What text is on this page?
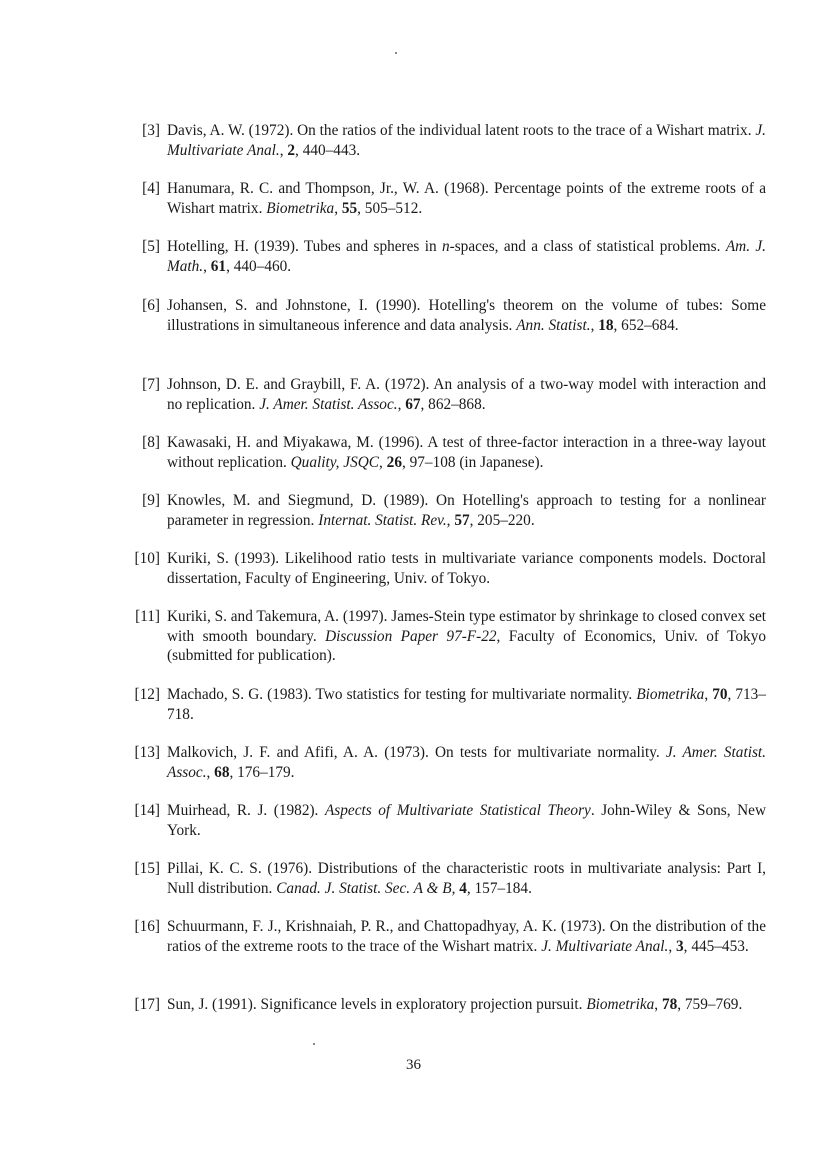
[3] Davis, A. W. (1972). On the ratios of the individual latent roots to the trace of a Wishart matrix. J. Multivariate Anal., 2, 440–443.
[4] Hanumara, R. C. and Thompson, Jr., W. A. (1968). Percentage points of the extreme roots of a Wishart matrix. Biometrika, 55, 505–512.
[5] Hotelling, H. (1939). Tubes and spheres in n-spaces, and a class of statistical problems. Am. J. Math., 61, 440–460.
[6] Johansen, S. and Johnstone, I. (1990). Hotelling's theorem on the volume of tubes: Some illustrations in simultaneous inference and data analysis. Ann. Statist., 18, 652–684.
[7] Johnson, D. E. and Graybill, F. A. (1972). An analysis of a two-way model with interaction and no replication. J. Amer. Statist. Assoc., 67, 862–868.
[8] Kawasaki, H. and Miyakawa, M. (1996). A test of three-factor interaction in a three-way layout without replication. Quality, JSQC, 26, 97–108 (in Japanese).
[9] Knowles, M. and Siegmund, D. (1989). On Hotelling's approach to testing for a nonlinear parameter in regression. Internat. Statist. Rev., 57, 205–220.
[10] Kuriki, S. (1993). Likelihood ratio tests in multivariate variance components models. Doctoral dissertation, Faculty of Engineering, Univ. of Tokyo.
[11] Kuriki, S. and Takemura, A. (1997). James-Stein type estimator by shrinkage to closed convex set with smooth boundary. Discussion Paper 97-F-22, Faculty of Economics, Univ. of Tokyo (submitted for publication).
[12] Machado, S. G. (1983). Two statistics for testing for multivariate normality. Biometrika, 70, 713–718.
[13] Malkovich, J. F. and Afifi, A. A. (1973). On tests for multivariate normality. J. Amer. Statist. Assoc., 68, 176–179.
[14] Muirhead, R. J. (1982). Aspects of Multivariate Statistical Theory. John-Wiley & Sons, New York.
[15] Pillai, K. C. S. (1976). Distributions of the characteristic roots in multivariate analysis: Part I, Null distribution. Canad. J. Statist. Sec. A & B, 4, 157–184.
[16] Schuurmann, F. J., Krishnaiah, P. R., and Chattopadhyay, A. K. (1973). On the distribution of the ratios of the extreme roots to the trace of the Wishart matrix. J. Multivariate Anal., 3, 445–453.
[17] Sun, J. (1991). Significance levels in exploratory projection pursuit. Biometrika, 78, 759–769.
36
